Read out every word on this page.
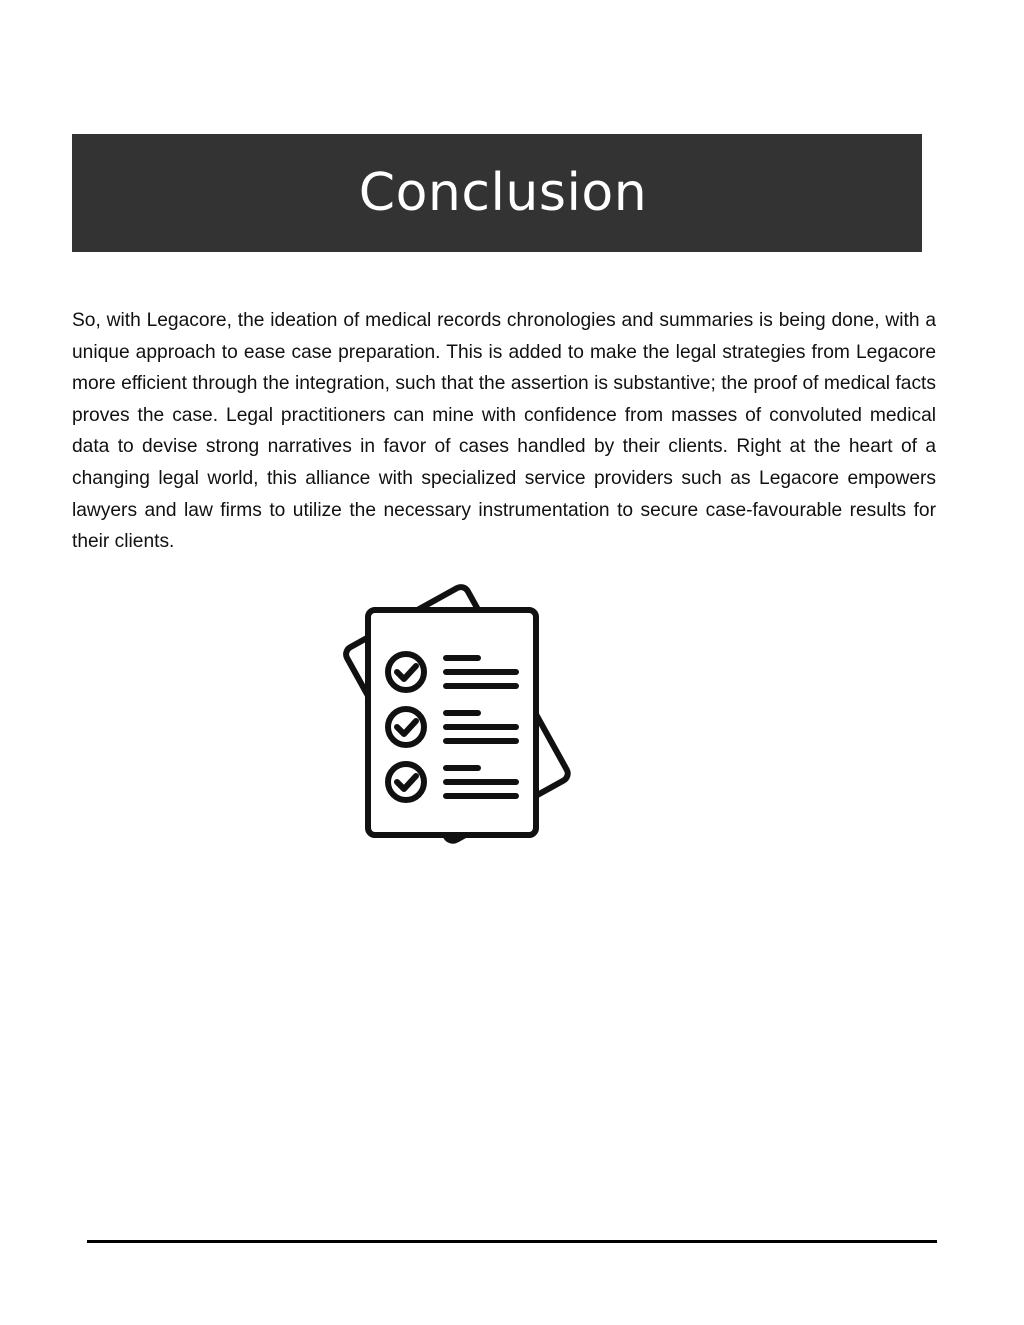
Conclusion

So, with Legacore, the ideation of medical records chronologies and summaries is being done, with a unique approach to ease case preparation. This is added to make the legal strategies from Legacore more efficient through the integration, such that the assertion is substantive; the proof of medical facts proves the case. Legal practitioners can mine with confidence from masses of convoluted medical data to devise strong narratives in favor of cases handled by their clients. Right at the heart of a changing legal world, this alliance with specialized service providers such as Legacore empowers lawyers and law firms to utilize the necessary instrumentation to secure case-favourable results for their clients.
